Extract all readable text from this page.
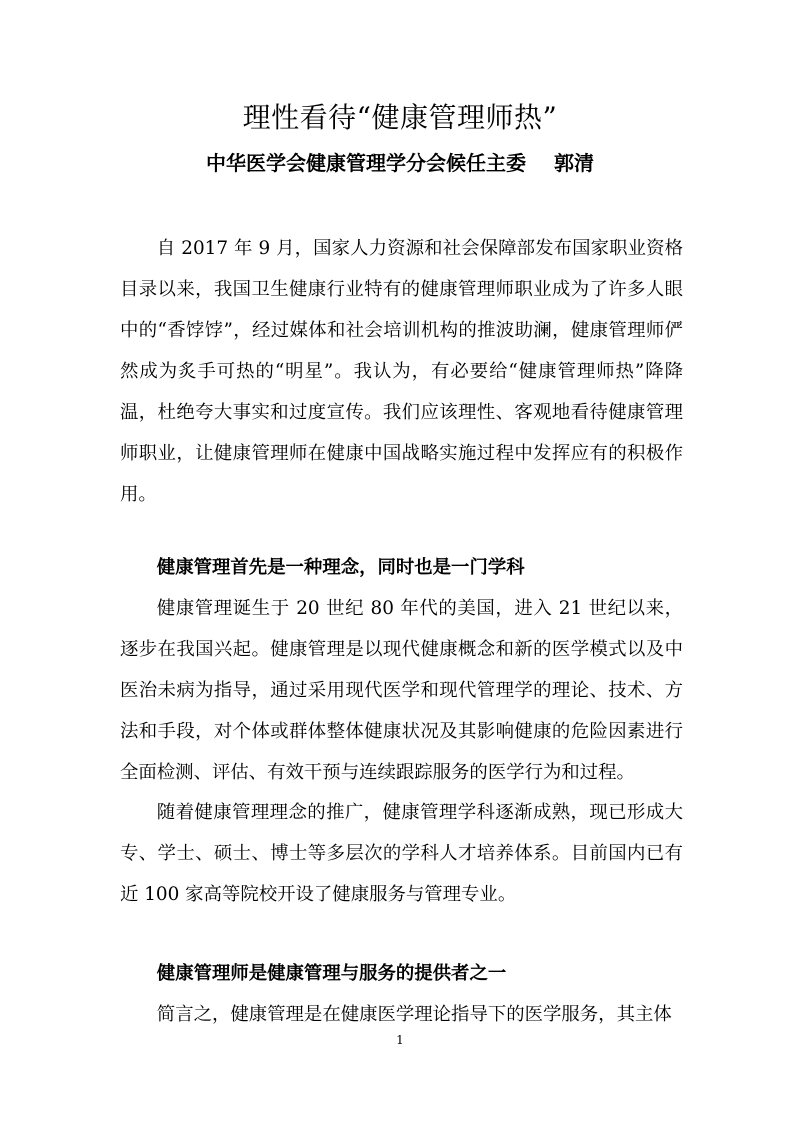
理性看待“健康管理师热”
中华医学会健康管理学分会候任主委 郭清

自 2017 年 9 月，国家人力资源和社会保障部发布国家职业资格目录以来，我国卫生健康行业特有的健康管理师职业成为了许多人眼中的“香饽饽”，经过媒体和社会培训机构的推波助澜，健康管理师俨然成为炙手可热的“明星”。我认为，有必要给“健康管理师热”降降温，杜绝夸大事实和过度宣传。我们应该理性、客观地看待健康管理师职业，让健康管理师在健康中国战略实施过程中发挥应有的积极作用。

健康管理首先是一种理念，同时也是一门学科

健康管理诞生于 20 世纪 80 年代的美国，进入 21 世纪以来，逐步在我国兴起。健康管理是以现代健康概念和新的医学模式以及中医治未病为指导，通过采用现代医学和现代管理学的理论、技术、方法和手段，对个体或群体整体健康状况及其影响健康的危险因素进行全面检测、评估、有效干预与连续跟踪服务的医学行为和过程。

随着健康管理理念的推广，健康管理学科逐渐成熟，现已形成大专、学士、硕士、博士等多层次的学科人才培养体系。目前国内已有近 100 家高等院校开设了健康服务与管理专业。

健康管理师是健康管理与服务的提供者之一

简言之，健康管理是在健康医学理论指导下的医学服务，其主体

1
